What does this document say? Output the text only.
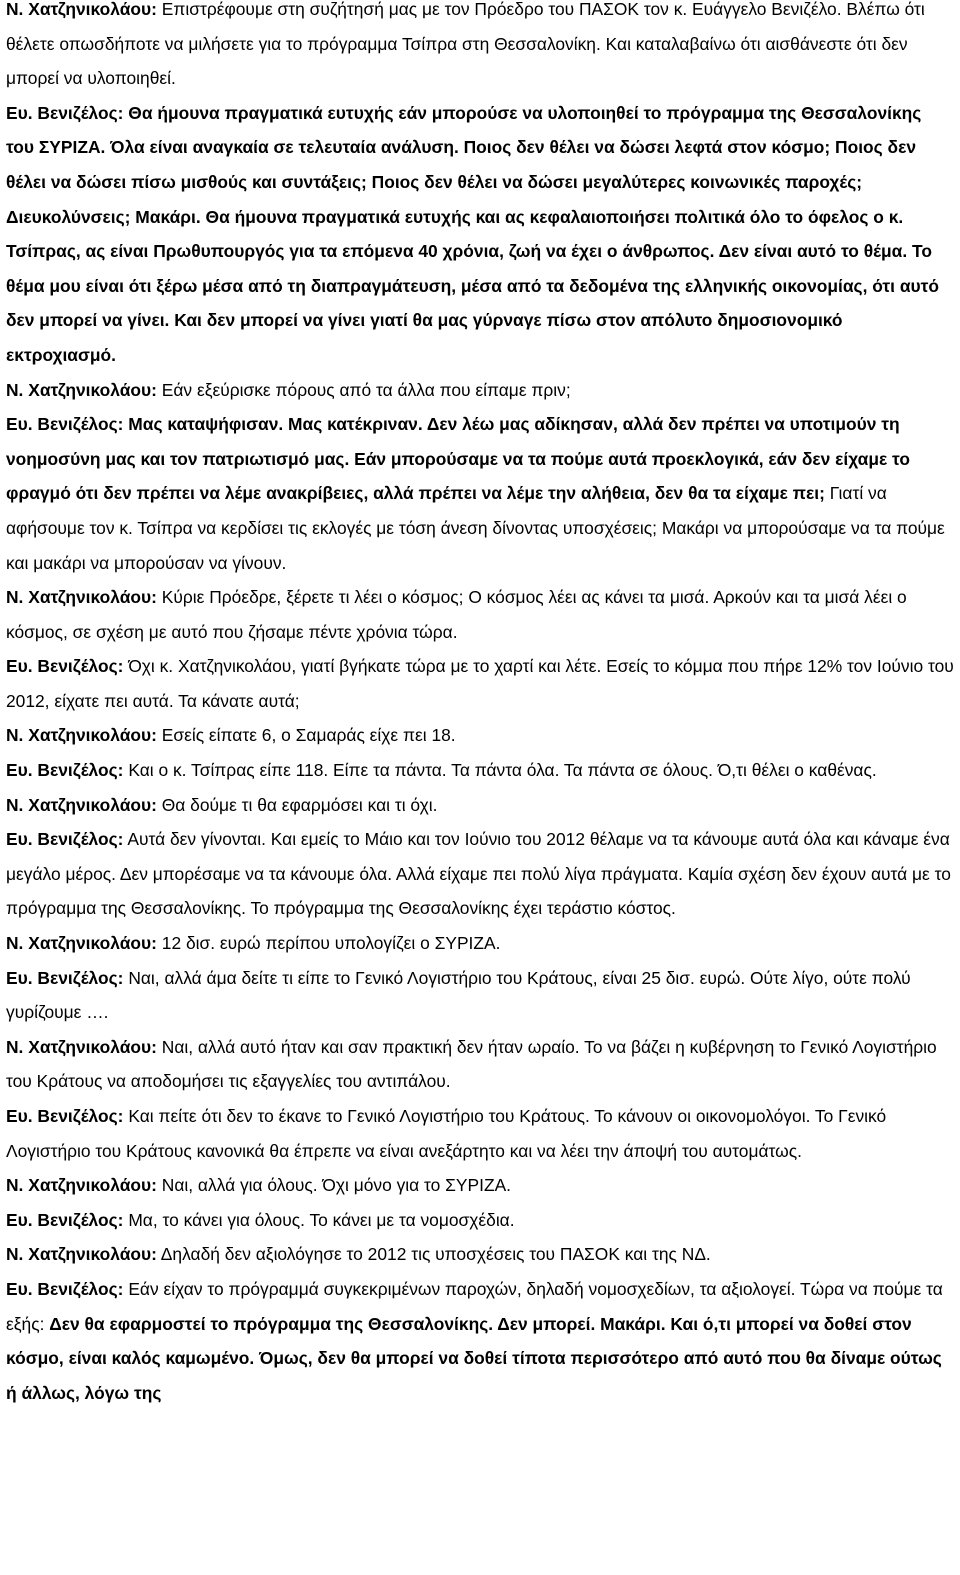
Ν. Χατζηνικολάου: Επιστρέφουμε στη συζήτησή μας με τον Πρόεδρο του ΠΑΣΟΚ τον κ. Ευάγγελο Βενιζέλο. Βλέπω ότι θέλετε οπωσδήποτε να μιλήσετε για το πρόγραμμα Τσίπρα στη Θεσσαλονίκη. Και καταλαβαίνω ότι αισθάνεστε ότι δεν μπορεί να υλοποιηθεί.

Ευ. Βενιζέλος: Θα ήμουνα πραγματικά ευτυχής εάν μπορούσε να υλοποιηθεί το πρόγραμμα της Θεσσαλονίκης του ΣΥΡΙΖΑ. Όλα είναι αναγκαία σε τελευταία ανάλυση. Ποιος δεν θέλει να δώσει λεφτά στον κόσμο; Ποιος δεν θέλει να δώσει πίσω μισθούς και συντάξεις; Ποιος δεν θέλει να δώσει μεγαλύτερες κοινωνικές παροχές; Διευκολύνσεις; Μακάρι. Θα ήμουνα πραγματικά ευτυχής και ας κεφαλαιοποιήσει πολιτικά όλο το όφελος ο κ. Τσίπρας, ας είναι Πρωθυπουργός για τα επόμενα 40 χρόνια, ζωή να έχει ο άνθρωπος. Δεν είναι αυτό το θέμα. Το θέμα μου είναι ότι ξέρω μέσα από τη διαπραγμάτευση, μέσα από τα δεδομένα της ελληνικής οικονομίας, ότι αυτό δεν μπορεί να γίνει. Και δεν μπορεί να γίνει γιατί θα μας γύρναγε πίσω στον απόλυτο δημοσιονομικό εκτροχιασμό.

Ν. Χατζηνικολάου: Εάν εξεύρισκε πόρους από τα άλλα που είπαμε πριν;

Ευ. Βενιζέλος: Μας καταψήφισαν. Μας κατέκριναν. Δεν λέω μας αδίκησαν, αλλά δεν πρέπει να υποτιμούν τη νοημοσύνη μας και τον πατριωτισμό μας. Εάν μπορούσαμε να τα πούμε αυτά προεκλογικά, εάν δεν είχαμε το φραγμό ότι δεν πρέπει να λέμε ανακρίβειες, αλλά πρέπει να λέμε την αλήθεια, δεν θα τα είχαμε πει; Γιατί να αφήσουμε τον κ. Τσίπρα να κερδίσει τις εκλογές με τόση άνεση δίνοντας υποσχέσεις; Μακάρι να μπορούσαμε να τα πούμε και μακάρι να μπορούσαν να γίνουν.

Ν. Χατζηνικολάου: Κύριε Πρόεδρε, ξέρετε τι λέει ο κόσμος; Ο κόσμος λέει ας κάνει τα μισά. Αρκούν και τα μισά λέει ο κόσμος, σε σχέση με αυτό που ζήσαμε πέντε χρόνια τώρα.

Ευ. Βενιζέλος: Όχι κ. Χατζηνικολάου, γιατί βγήκατε τώρα με το χαρτί και λέτε. Εσείς το κόμμα που πήρε 12% τον Ιούνιο του 2012, είχατε πει αυτά. Τα κάνατε αυτά;

Ν. Χατζηνικολάου: Εσείς είπατε 6, ο Σαμαράς είχε πει 18.

Ευ. Βενιζέλος: Και ο κ. Τσίπρας είπε 118. Είπε τα πάντα. Τα πάντα όλα. Τα πάντα σε όλους. Ό,τι θέλει ο καθένας.

Ν. Χατζηνικολάου: Θα δούμε τι θα εφαρμόσει και τι όχι.

Ευ. Βενιζέλος: Αυτά δεν γίνονται. Και εμείς το Μάιο και τον Ιούνιο του 2012 θέλαμε να τα κάνουμε αυτά όλα και κάναμε ένα μεγάλο μέρος. Δεν μπορέσαμε να τα κάνουμε όλα. Αλλά είχαμε πει πολύ λίγα πράγματα. Καμία σχέση δεν έχουν αυτά με το πρόγραμμα της Θεσσαλονίκης. Το πρόγραμμα της Θεσσαλονίκης έχει τεράστιο κόστος.

Ν. Χατζηνικολάου: 12 δισ. ευρώ περίπου υπολογίζει ο ΣΥΡΙΖΑ.

Ευ. Βενιζέλος: Ναι, αλλά άμα δείτε τι είπε το Γενικό Λογιστήριο του Κράτους, είναι 25 δισ. ευρώ. Ούτε λίγο, ούτε πολύ γυρίζουμε ….

Ν. Χατζηνικολάου: Ναι, αλλά αυτό ήταν και σαν πρακτική δεν ήταν ωραίο. Το να βάζει η κυβέρνηση το Γενικό Λογιστήριο του Κράτους να αποδομήσει τις εξαγγελίες του αντιπάλου.

Ευ. Βενιζέλος: Και πείτε ότι δεν το έκανε το Γενικό Λογιστήριο του Κράτους. Το κάνουν οι οικονομολόγοι. Το Γενικό Λογιστήριο του Κράτους κανονικά θα έπρεπε να είναι ανεξάρτητο και να λέει την άποψή του αυτομάτως.

Ν. Χατζηνικολάου: Ναι, αλλά για όλους. Όχι μόνο για το ΣΥΡΙΖΑ.

Ευ. Βενιζέλος: Μα, το κάνει για όλους. Το κάνει με τα νομοσχέδια.

Ν. Χατζηνικολάου: Δηλαδή δεν αξιολόγησε το 2012 τις υποσχέσεις του ΠΑΣΟΚ και της ΝΔ.

Ευ. Βενιζέλος: Εάν είχαν το πρόγραμμά συγκεκριμένων παροχών, δηλαδή νομοσχεδίων, τα αξιολογεί. Τώρα να πούμε τα εξής: Δεν θα εφαρμοστεί το πρόγραμμα της Θεσσαλονίκης. Δεν μπορεί. Μακάρι. Και ό,τι μπορεί να δοθεί στον κόσμο, είναι καλός καμωμένο. Όμως, δεν θα μπορεί να δοθεί τίποτα περισσότερο από αυτό που θα δίναμε ούτως ή άλλως, λόγω της
